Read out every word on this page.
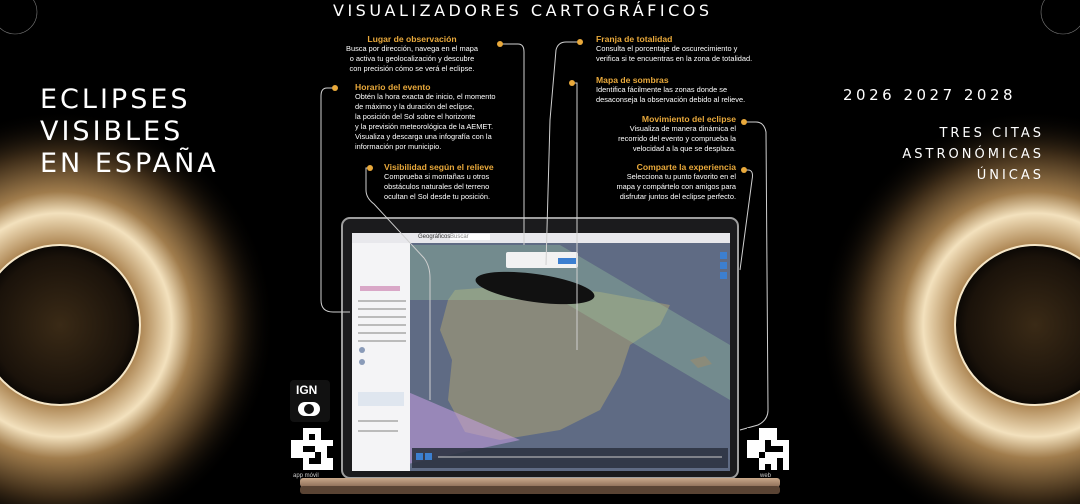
VISUALIZADORES CARTOGRÁFICOS
ECLIPSES
VISIBLES
EN ESPAÑA
2026 2027 2028
TRES CITAS
ASTRONÓMICAS
ÚNICAS
Lugar de observación
Busca por dirección, navega en el mapa
o activa tu geolocalización y descubre
con precisión cómo se verá el eclipse.
Horario del evento
Obtén la hora exacta de inicio, el momento
de máximo y la duración del eclipse,
la posición del Sol sobre el horizonte
y la previsión meteorológica de la AEMET.
Visualiza y descarga una infografía con la
información por municipio.
Visibilidad según el relieve
Comprueba si montañas u otros
obstáculos naturales del terreno
ocultan el Sol desde tu posición.
Franja de totalidad
Consulta el porcentaje de oscurecimiento y
verifica si te encuentras en la zona de totalidad.
Mapa de sombras
Identifica fácilmente las zonas donde se
desaconseja la observación debido al relieve.
Movimiento del eclipse
Visualiza de manera dinámica el
recorrido del evento y comprueba la
velocidad a la que se desplaza.
Comparte la experiencia
Selecciona tu punto favorito en el
mapa y compártelo con amigos para
disfrutar juntos del eclipse perfecto.
Geográficos Buscar
IGN
app móvil	web
